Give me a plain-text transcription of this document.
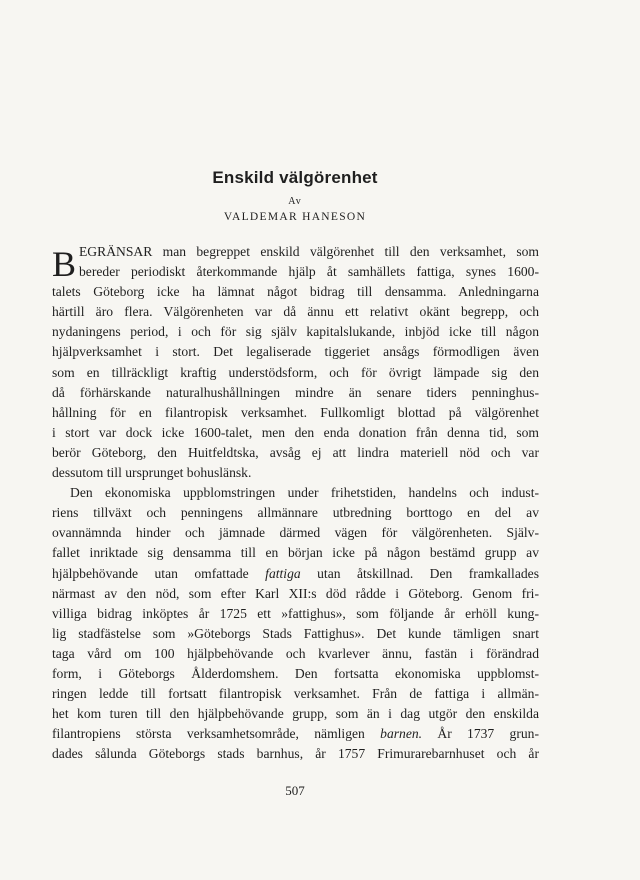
Enskild välgörenhet
Av
VALDEMAR HANESON
B EGRÄNSAR man begreppet enskild välgörenhet till den verksamhet, som
bereder periodiskt återkommande hjälp åt samhällets fattiga, synes 1600-
talets Göteborg icke ha lämnat något bidrag till densamma. Anledningarna
härtill äro flera. Välgörenheten var då ännu ett relativt okänt begrepp, och
nydaningens period, i och för sig själv kapitalslukande, inbjöd icke till någon
hjälpverksamhet i stort. Det legaliserade tiggeriet ansågs förmodligen även
som en tillräckligt kraftig understödsform, och för övrigt lämpade sig den
då förhärskande naturalhushållningen mindre än senare tiders penninghus-
hållning för en filantropisk verksamhet. Fullkomligt blottad på välgörenhet
i stort var dock icke 1600-talet, men den enda donation från denna tid, som
berör Göteborg, den Huitfeldtska, avsåg ej att lindra materiell nöd och var
dessutom till ursprunget bohuslänsk.
Den ekonomiska uppblomstringen under frihetstiden, handelns och indust-
riens tillväxt och penningens allmännare utbredning borttogo en del av
ovannämnda hinder och jämnade därmed vägen för välgörenheten. Själv-
fallet inriktade sig densamma till en början icke på någon bestämd grupp av
hjälpbehövande utan omfattade fattiga utan åtskillnad. Den framkallades
närmast av den nöd, som efter Karl XII:s död rådde i Göteborg. Genom fri-
villiga bidrag inköptes år 1725 ett »fattighus», som följande år erhöll kung-
lig stadfästelse som »Göteborgs Stads Fattighus». Det kunde tämligen snart
taga vård om 100 hjälpbehövande och kvarlever ännu, fastän i förändrad
form, i Göteborgs Ålderdomshem. Den fortsatta ekonomiska uppblomst-
ringen ledde till fortsatt filantropisk verksamhet. Från de fattiga i allmän-
het kom turen till den hjälpbehövande grupp, som än i dag utgör den enskilda
filantropiens största verksamhetsområde, nämligen barnen. År 1737 grun-
dades sålunda Göteborgs stads barnhus, år 1757 Frimurarebarnhuset och år
507
